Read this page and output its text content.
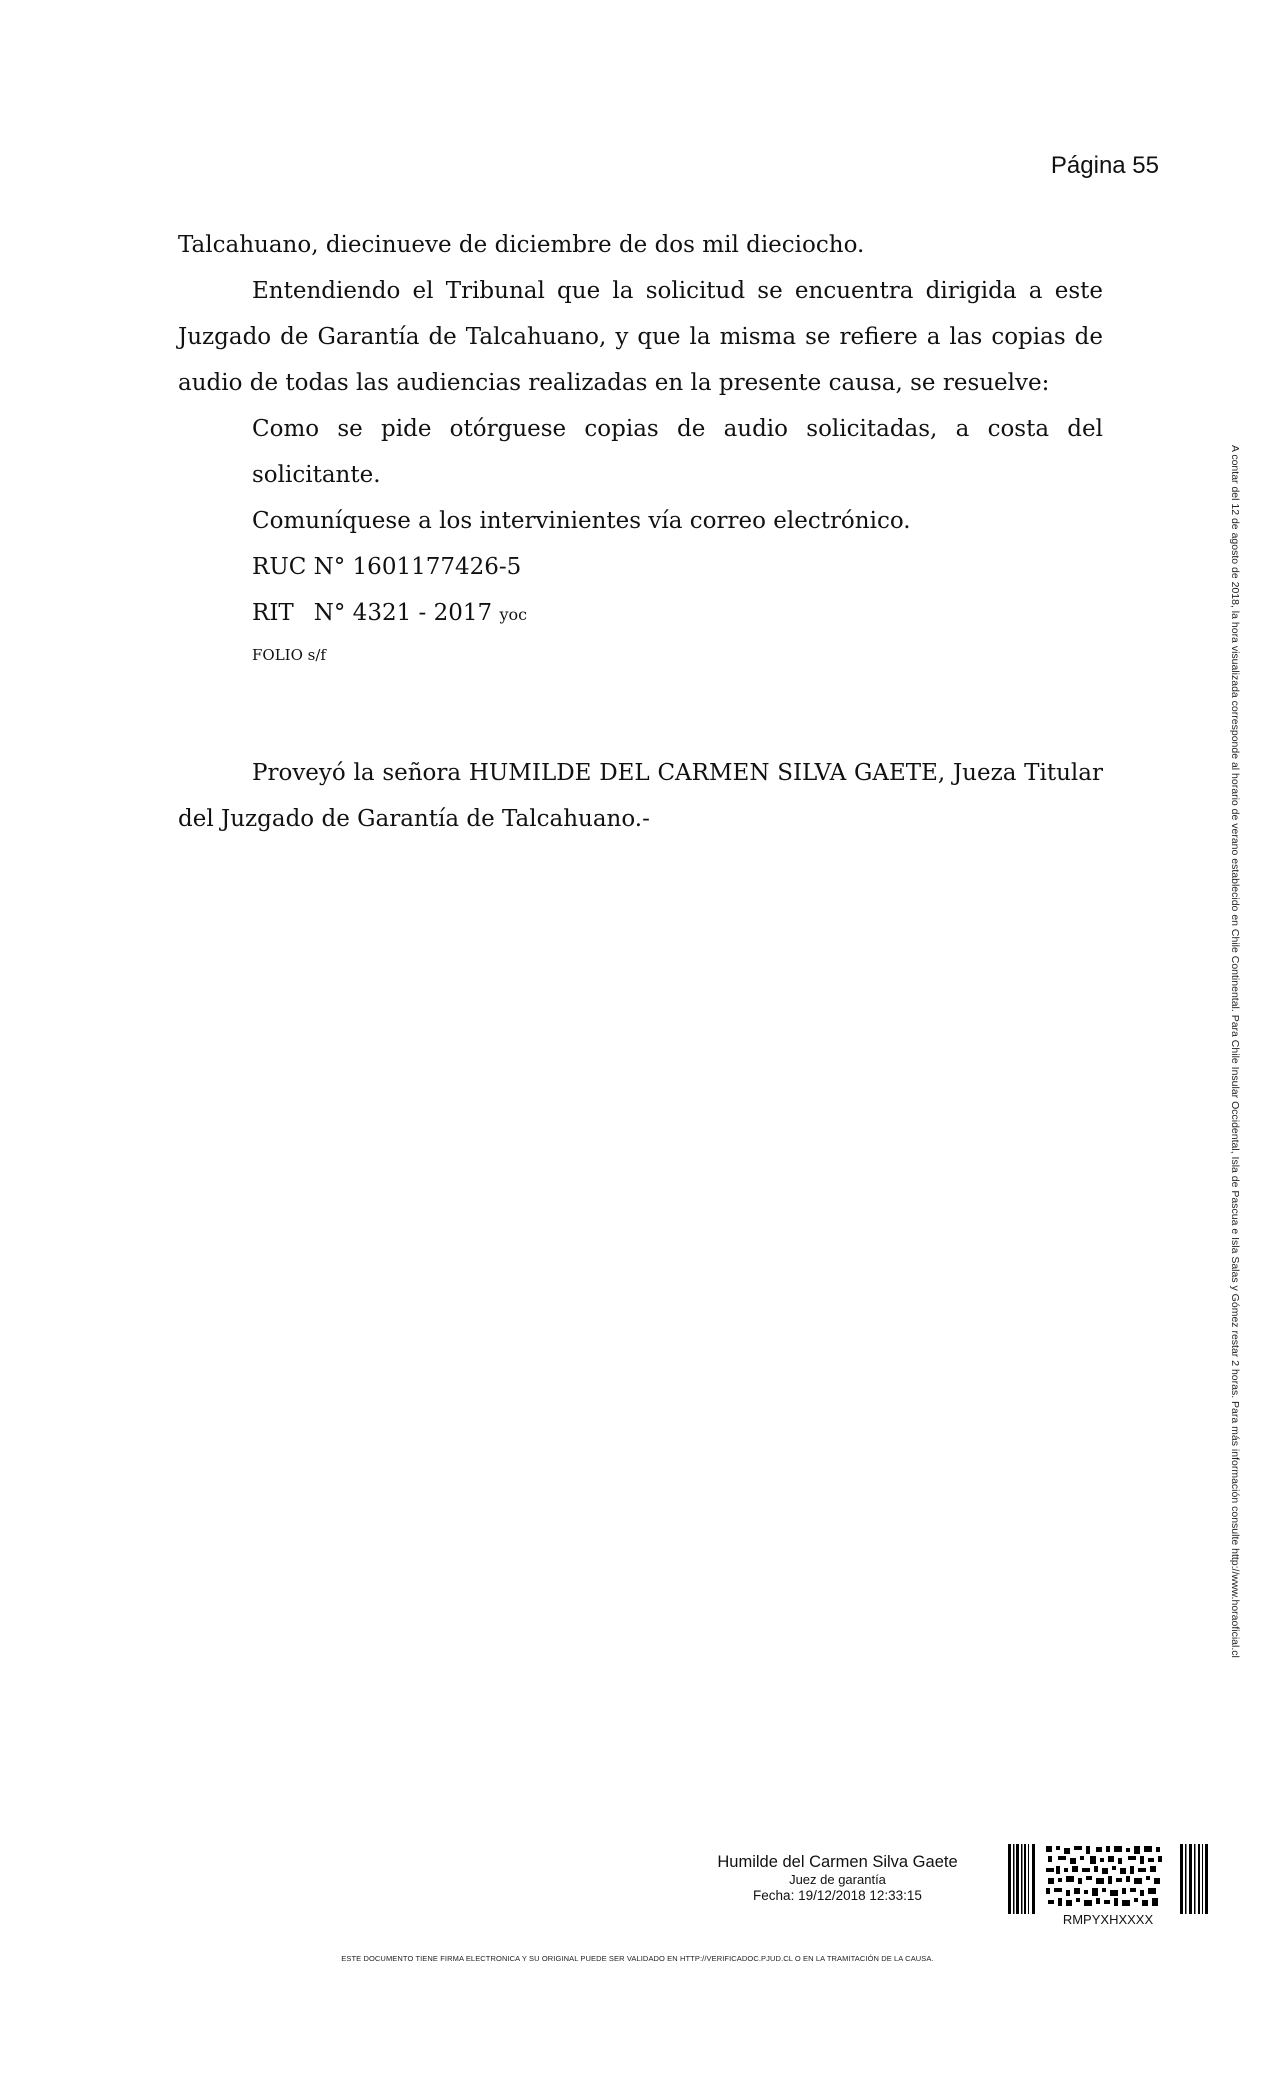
Página 55

Talcahuano, diecinueve de diciembre de dos mil dieciocho.

Entendiendo el Tribunal que la solicitud se encuentra dirigida a este Juzgado de Garantía de Talcahuano, y que la misma se refiere a las copias de audio de todas las audiencias realizadas en la presente causa, se resuelve:

Como se pide otórguese copias de audio solicitadas, a costa del solicitante.

Comuníquese a los intervinientes vía correo electrónico.

RUC N° 1601177426-5

RIT N° 4321 - 2017 yoc

FOLIO s/f

Proveyó la señora HUMILDE DEL CARMEN SILVA GAETE, Jueza Titular del Juzgado de Garantía de Talcahuano.-	A contar del 12 de agosto de 2018, la hora visualizada corresponde al horario de verano establecido en Chile Continental. Para Chile Insular Occidental, Isla de Pascua e Isla Salas y Gómez restar 2 horas. Para más información consulte http://www.horaoficial.cl
Humilde del Carmen Silva Gaete
Juez de garantía
Fecha: 19/12/2018 12:33:15
RMPYXHXXXX
ESTE DOCUMENTO TIENE FIRMA ELECTRONICA Y SU ORIGINAL PUEDE SER VALIDADO EN HTTP://VERIFICADOC.PJUD.CL O EN LA TRAMITACIÓN DE LA CAUSA.
